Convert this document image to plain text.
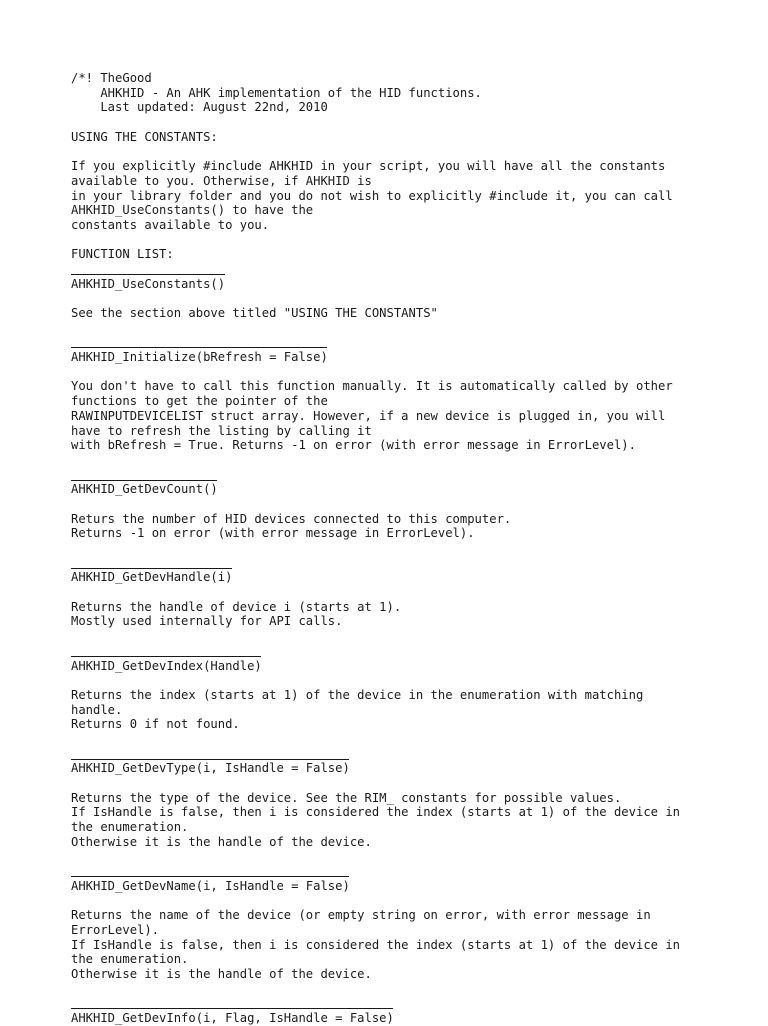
/*! TheGood
AHKHID - An AHK implementation of the HID functions.
Last updated: August 22nd, 2010
USING THE CONSTANTS:
If you explicitly #include AHKHID in your script, you will have all the constants
available to you. Otherwise, if AHKHID is
in your library folder and you do not wish to explicitly #include it, you can call
AHKHID_UseConstants() to have the
constants available to you.
FUNCTION LIST:
AHKHID_UseConstants()
See the section above titled "USING THE CONSTANTS"
AHKHID_Initialize(bRefresh = False)
You don't have to call this function manually. It is automatically called by other
functions to get the pointer of the
RAWINPUTDEVICELIST struct array. However, if a new device is plugged in, you will
have to refresh the listing by calling it
with bRefresh = True. Returns -1 on error (with error message in ErrorLevel).
AHKHID_GetDevCount()
Returs the number of HID devices connected to this computer.
Returns -1 on error (with error message in ErrorLevel).
AHKHID_GetDevHandle(i)
Returns the handle of device i (starts at 1).
Mostly used internally for API calls.
AHKHID_GetDevIndex(Handle)
Returns the index (starts at 1) of the device in the enumeration with matching
handle.
Returns 0 if not found.
AHKHID_GetDevType(i, IsHandle = False)
Returns the type of the device. See the RIM_ constants for possible values.
If IsHandle is false, then i is considered the index (starts at 1) of the device in
the enumeration.
Otherwise it is the handle of the device.
AHKHID_GetDevName(i, IsHandle = False)
Returns the name of the device (or empty string on error, with error message in
ErrorLevel).
If IsHandle is false, then i is considered the index (starts at 1) of the device in
the enumeration.
Otherwise it is the handle of the device.
AHKHID_GetDevInfo(i, Flag, IsHandle = False)
